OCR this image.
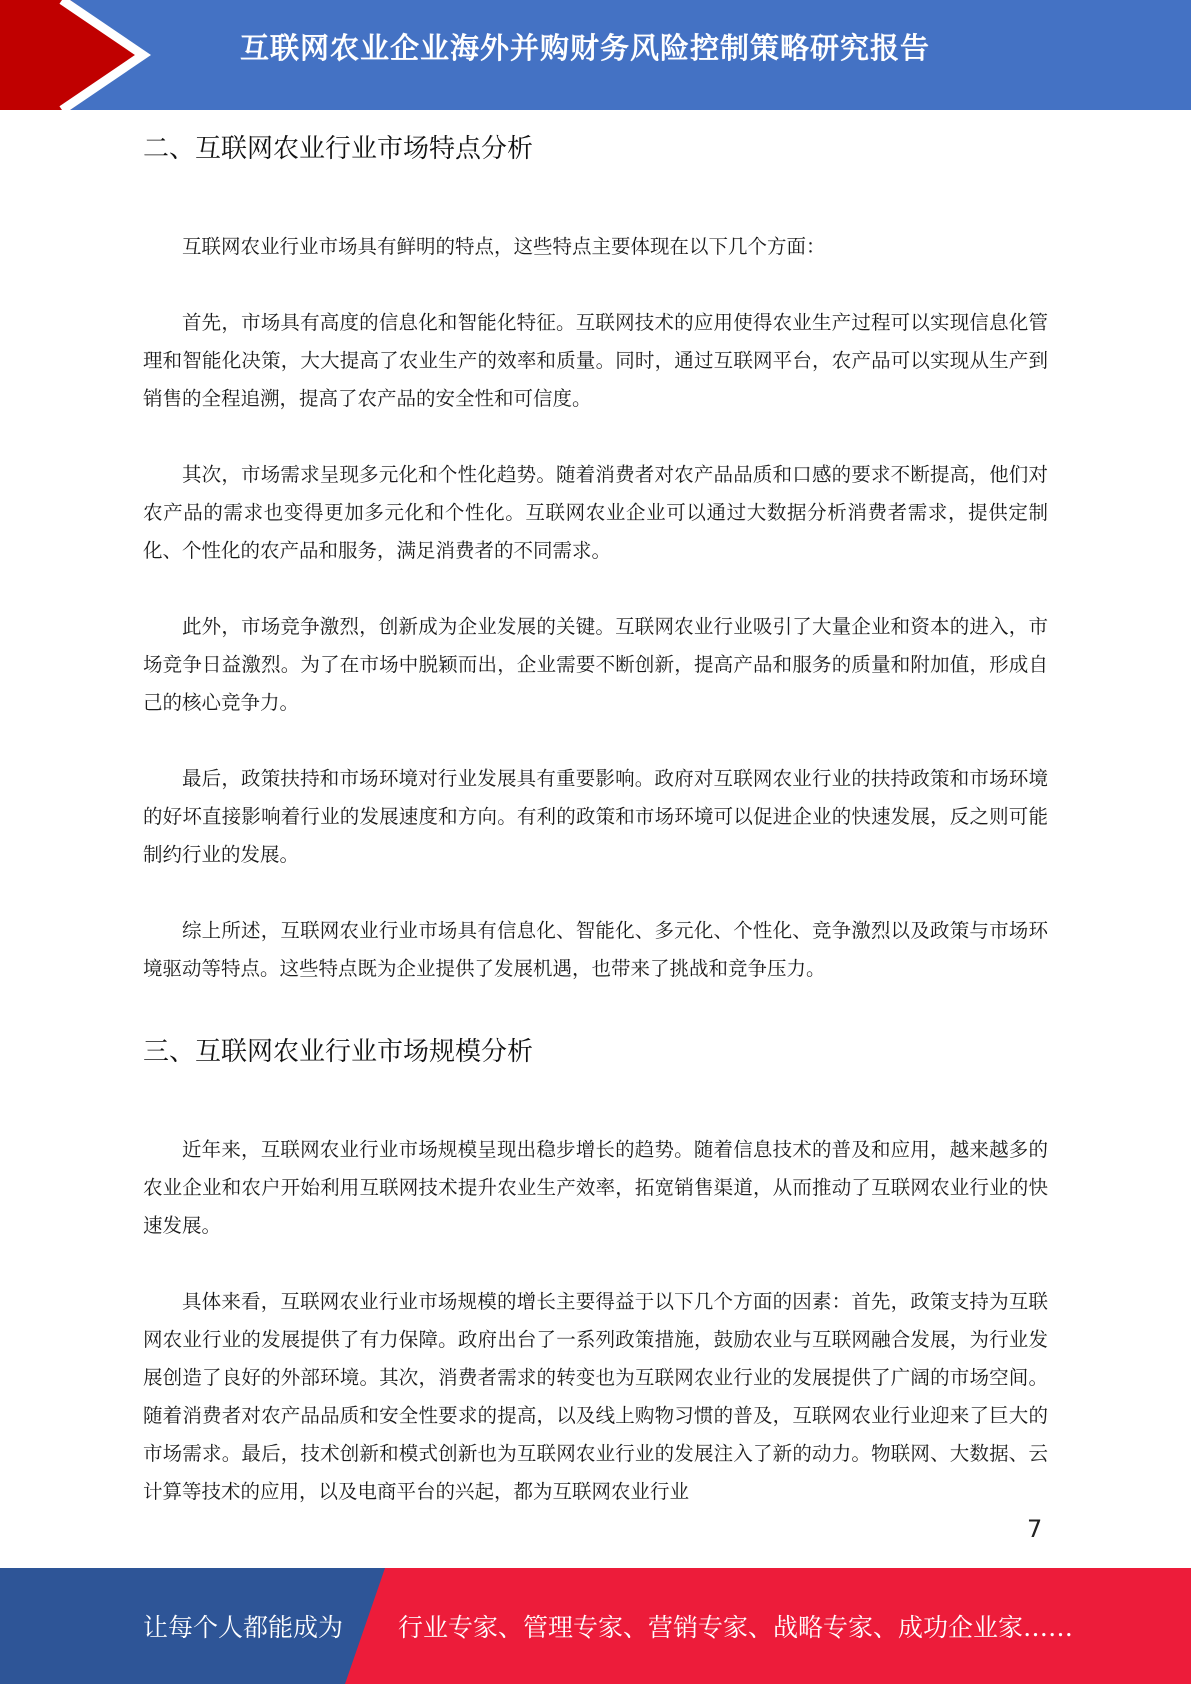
互联网农业企业海外并购财务风险控制策略研究报告
二、互联网农业行业市场特点分析

互联网农业行业市场具有鲜明的特点，这些特点主要体现在以下几个方面：

首先，市场具有高度的信息化和智能化特征。互联网技术的应用使得农业生产过程可以实现信息化管理和智能化决策，大大提高了农业生产的效率和质量。同时，通过互联网平台，农产品可以实现从生产到销售的全程追溯，提高了农产品的安全性和可信度。

其次，市场需求呈现多元化和个性化趋势。随着消费者对农产品品质和口感的要求不断提高，他们对农产品的需求也变得更加多元化和个性化。互联网农业企业可以通过大数据分析消费者需求，提供定制化、个性化的农产品和服务，满足消费者的不同需求。

此外，市场竞争激烈，创新成为企业发展的关键。互联网农业行业吸引了大量企业和资本的进入，市场竞争日益激烈。为了在市场中脱颖而出，企业需要不断创新，提高产品和服务的质量和附加值，形成自己的核心竞争力。

最后，政策扶持和市场环境对行业发展具有重要影响。政府对互联网农业行业的扶持政策和市场环境的好坏直接影响着行业的发展速度和方向。有利的政策和市场环境可以促进企业的快速发展，反之则可能制约行业的发展。

综上所述，互联网农业行业市场具有信息化、智能化、多元化、个性化、竞争激烈以及政策与市场环境驱动等特点。这些特点既为企业提供了发展机遇，也带来了挑战和竞争压力。

三、互联网农业行业市场规模分析

近年来，互联网农业行业市场规模呈现出稳步增长的趋势。随着信息技术的普及和应用，越来越多的农业企业和农户开始利用互联网技术提升农业生产效率，拓宽销售渠道，从而推动了互联网农业行业的快速发展。

具体来看，互联网农业行业市场规模的增长主要得益于以下几个方面的因素：首先，政策支持为互联网农业行业的发展提供了有力保障。政府出台了一系列政策措施，鼓励农业与互联网融合发展，为行业发展创造了良好的外部环境。其次，消费者需求的转变也为互联网农业行业的发展提供了广阔的市场空间。随着消费者对农产品品质和安全性要求的提高，以及线上购物习惯的普及，互联网农业行业迎来了巨大的市场需求。最后，技术创新和模式创新也为互联网农业行业的发展注入了新的动力。物联网、大数据、云计算等技术的应用，以及电商平台的兴起，都为互联网农业行业

7
让每个人都能成为 行业专家、管理专家、营销专家、战略专家、成功企业家……
